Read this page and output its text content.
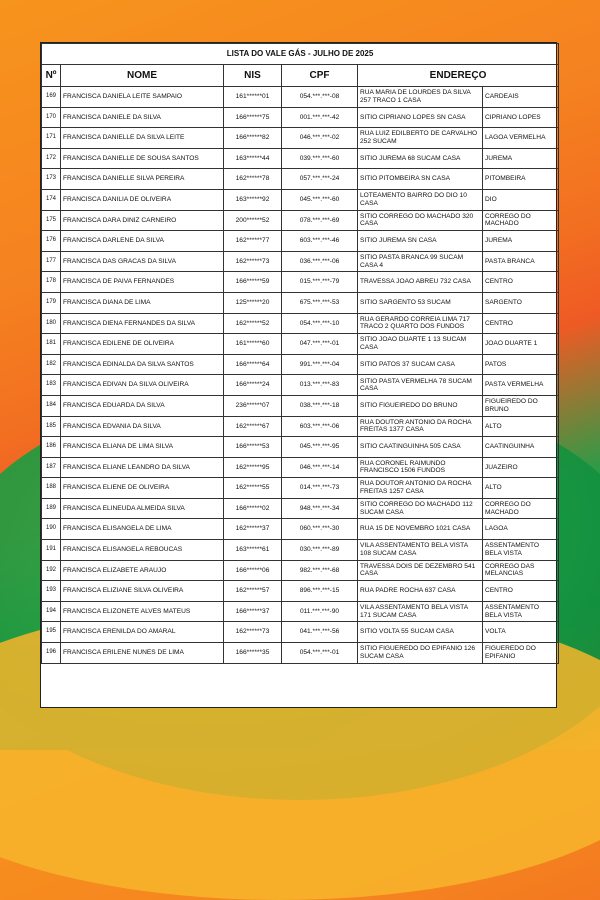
LISTA DO VALE GÁS - JULHO DE 2025					
Nº	NOME	NIS	CPF	ENDEREÇO	
169	FRANCISCA DANIELA LEITE SAMPAIO	161******01	054.***.***-08	RUA MARIA DE LOURDES DA SILVA 257 TRACO 1 CASA	CARDEAIS
170	FRANCISCA DANIELE DA SILVA	166******75	001.***.***-42	SITIO CIPRIANO LOPES SN CASA	CIPRIANO LOPES
171	FRANCISCA DANIELLE DA SILVA LEITE	166******82	046.***.***-02	RUA LUIZ EDILBERTO DE CARVALHO 252 SUCAM	LAGOA VERMELHA
172	FRANCISCA DANIELLE DE SOUSA SANTOS	163******44	039.***.***-60	SITIO JUREMA 68 SUCAM CASA	JUREMA
173	FRANCISCA DANIELLE SILVA PEREIRA	162******78	057.***.***-24	SITIO PITOMBEIRA SN CASA	PITOMBEIRA
174	FRANCISCA DANILIA DE OLIVEIRA	163******92	045.***.***-60	LOTEAMENTO BAIRRO DO DIO 10 CASA	DIO
175	FRANCISCA DARA DINIZ CARNEIRO	200******52	078.***.***-69	SITIO CORREGO DO MACHADO 320 CASA	CORREGO DO MACHADO
176	FRANCISCA DARLENE DA SILVA	162******77	603.***.***-46	SITIO JUREMA SN CASA	JUREMA
177	FRANCISCA DAS GRACAS DA SILVA	162******73	036.***.***-06	SITIO PASTA BRANCA 99 SUCAM CASA 4	PASTA BRANCA
178	FRANCISCA DE PAIVA FERNANDES	166******59	015.***.***-79	TRAVESSA JOAO ABREU 732 CASA	CENTRO
179	FRANCISCA DIANA DE LIMA	125******20	675.***.***-53	SITIO SARGENTO 53 SUCAM	SARGENTO
180	FRANCISCA DIENA FERNANDES DA SILVA	162******52	054.***.***-10	RUA GERARDO CORREIA LIMA 717 TRACO 2 QUARTO DOS FUNDOS	CENTRO
181	FRANCISCA EDILENE DE OLIVEIRA	161******60	047.***.***-01	SITIO JOAO DUARTE 1 13 SUCAM CASA	JOAO DUARTE 1
182	FRANCISCA EDINALDA DA SILVA SANTOS	166******64	991.***.***-04	SITIO PATOS 37 SUCAM CASA	PATOS
183	FRANCISCA EDIVAN DA SILVA OLIVEIRA	166******24	013.***.***-83	SITIO PASTA VERMELHA 78 SUCAM CASA	PASTA VERMELHA
184	FRANCISCA EDUARDA DA SILVA	236******07	038.***.***-18	SITIO FIGUEIREDO DO BRUNO	FIGUEIREDO DO BRUNO
185	FRANCISCA EDVANIA DA SILVA	162******67	603.***.***-06	RUA DOUTOR ANTONIO DA ROCHA FREITAS 1377 CASA	ALTO
186	FRANCISCA ELIANA DE LIMA SILVA	166******53	045.***.***-95	SITIO CAATINGUINHA 505 CASA	CAATINGUINHA
187	FRANCISCA ELIANE LEANDRO DA SILVA	162******95	046.***.***-14	RUA CORONEL RAIMUNDO FRANCISCO 1506 FUNDOS	JUAZEIRO
188	FRANCISCA ELIENE DE OLIVEIRA	162******55	014.***.***-73	RUA DOUTOR ANTONIO DA ROCHA FREITAS 1257 CASA	ALTO
189	FRANCISCA ELINEUDA ALMEIDA SILVA	166******02	948.***.***-34	SITIO CORREGO DO MACHADO 112 SUCAM CASA	CORREGO DO MACHADO
190	FRANCISCA ELISANGELA DE LIMA	162******37	060.***.***-30	RUA 15 DE NOVEMBRO 1021 CASA	LAGOA
191	FRANCISCA ELISANGELA REBOUCAS	163******61	030.***.***-89	VILA ASSENTAMENTO BELA VISTA 108 SUCAM CASA	ASSENTAMENTO BELA VISTA
192	FRANCISCA ELIZABETE ARAUJO	166******06	982.***.***-68	TRAVESSA DOIS DE DEZEMBRO 541 CASA	CORREGO DAS MELANCIAS
193	FRANCISCA ELIZIANE SILVA OLIVEIRA	162******57	896.***.***-15	RUA PADRE ROCHA 637 CASA	CENTRO
194	FRANCISCA ELIZONETE ALVES MATEUS	166******37	011.***.***-90	VILA ASSENTAMENTO BELA VISTA 171 SUCAM CASA	ASSENTAMENTO BELA VISTA
195	FRANCISCA ERENILDA DO AMARAL	162******73	041.***.***-56	SITIO VOLTA 55 SUCAM CASA	VOLTA
196	FRANCISCA ERILENE NUNES DE LIMA	166******35	054.***.***-01	SITIO FIGUEREDO DO EPIFANIO 126 SUCAM CASA	FIGUEREDO DO EPIFANIO
